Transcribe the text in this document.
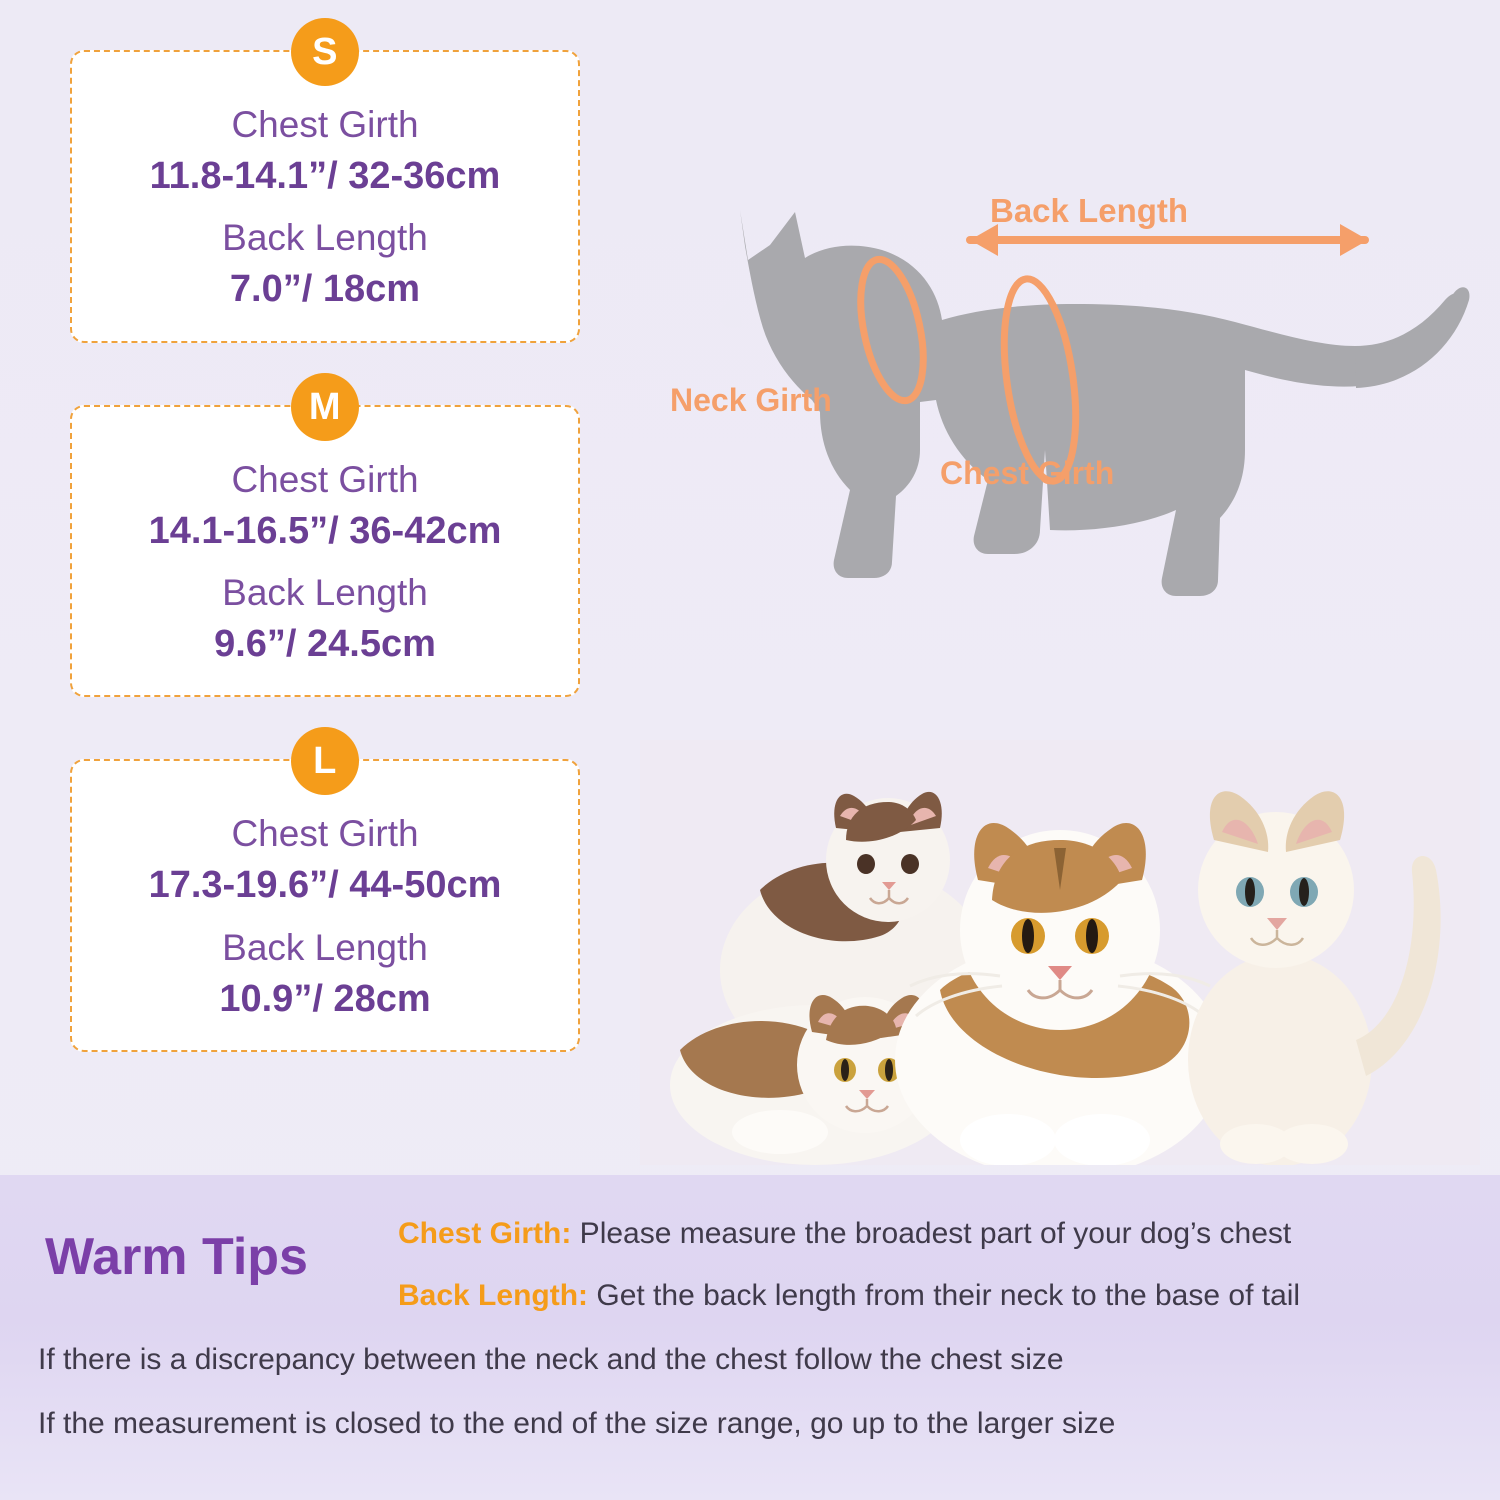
S
Chest Girth
11.8-14.1”/ 32-36cm
Back Length
7.0”/ 18cm
M
Chest Girth
14.1-16.5”/ 36-42cm
Back Length
9.6”/ 24.5cm
L
Chest Girth
17.3-19.6”/ 44-50cm
Back Length
10.9”/ 28cm
Back Length
Neck Girth
Chest Girth
Warm Tips	Chest Girth: Please measure the broadest part of your dog’s chest
Back Length: Get the back length from their neck to the base of tail
If there is a discrepancy between the neck and the chest follow the chest size
If the measurement is closed to the end of the size range, go up to the larger size
